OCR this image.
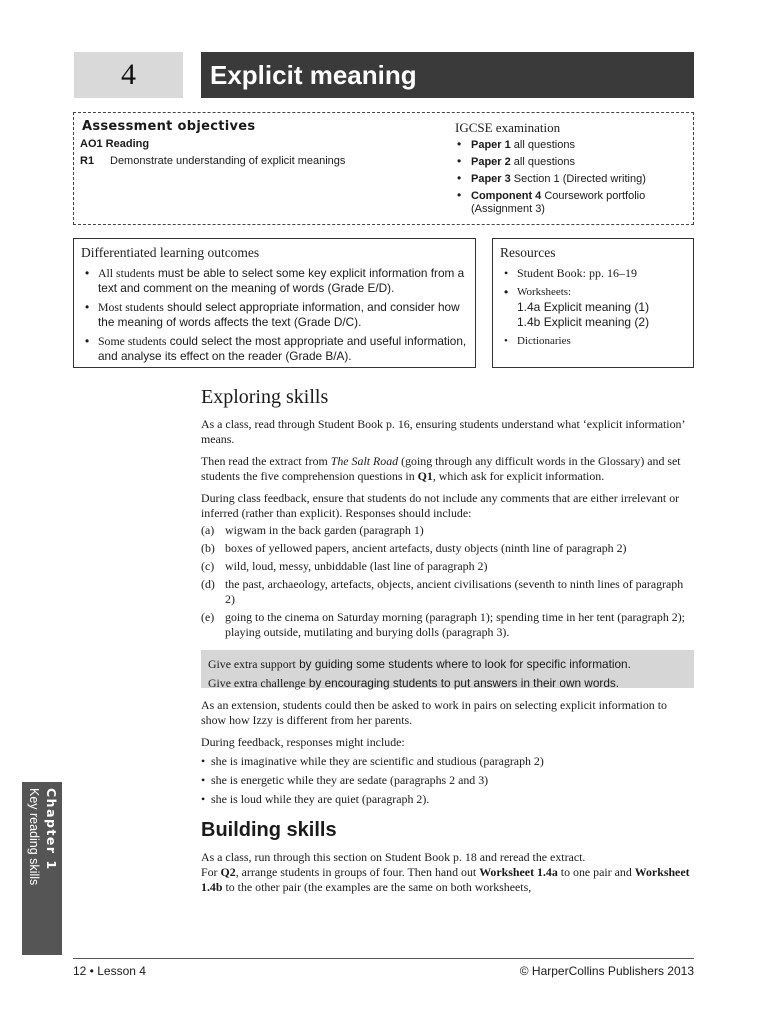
4	Explicit meaning
Assessment objectives
AO1 Reading
R1 Demonstrate understanding of explicit meanings
IGCSE examination
• Paper 1 all questions
• Paper 2 all questions
• Paper 3 Section 1 (Directed writing)
• Component 4 Coursework portfolio (Assignment 3)
Differentiated learning outcomes
• All students must be able to select some key explicit information from a text and comment on the meaning of words (Grade E/D).
• Most students should select appropriate information, and consider how the meaning of words affects the text (Grade D/C).
• Some students could select the most appropriate and useful information, and analyse its effect on the reader (Grade B/A).
Resources
• Student Book: pp. 16–19
• Worksheets:
1.4a Explicit meaning (1)
1.4b Explicit meaning (2)
• Dictionaries
Exploring skills

As a class, read through Student Book p. 16, ensuring students understand what ‘explicit information’ means.

Then read the extract from The Salt Road (going through any difficult words in the Glossary) and set students the five comprehension questions in Q1, which ask for explicit information.

During class feedback, ensure that students do not include any comments that are either irrelevant or inferred (rather than explicit). Responses should include:

(a) wigwam in the back garden (paragraph 1)
(b) boxes of yellowed papers, ancient artefacts, dusty objects (ninth line of paragraph 2)
(c) wild, loud, messy, unbiddable (last line of paragraph 2)
(d) the past, archaeology, artefacts, objects, ancient civilisations (seventh to ninth lines of paragraph 2)
(e) going to the cinema on Saturday morning (paragraph 1); spending time in her tent (paragraph 2); playing outside, mutilating and burying dolls (paragraph 3).
Give extra support by guiding some students where to look for specific information.
Give extra challenge by encouraging students to put answers in their own words.

As an extension, students could then be asked to work in pairs on selecting explicit information to show how Izzy is different from her parents.

During feedback, responses might include:

• she is imaginative while they are scientific and studious (paragraph 2)
• she is energetic while they are sedate (paragraphs 2 and 3)
• she is loud while they are quiet (paragraph 2).
Building skills

As a class, run through this section on Student Book p. 18 and reread the extract.
For Q2, arrange students in groups of four. Then hand out Worksheet 1.4a to one pair and Worksheet 1.4b to the other pair (the examples are the same on both worksheets,

Chapter 1
Key reading skills
12 • Lesson 4	© HarperCollins Publishers 2013
